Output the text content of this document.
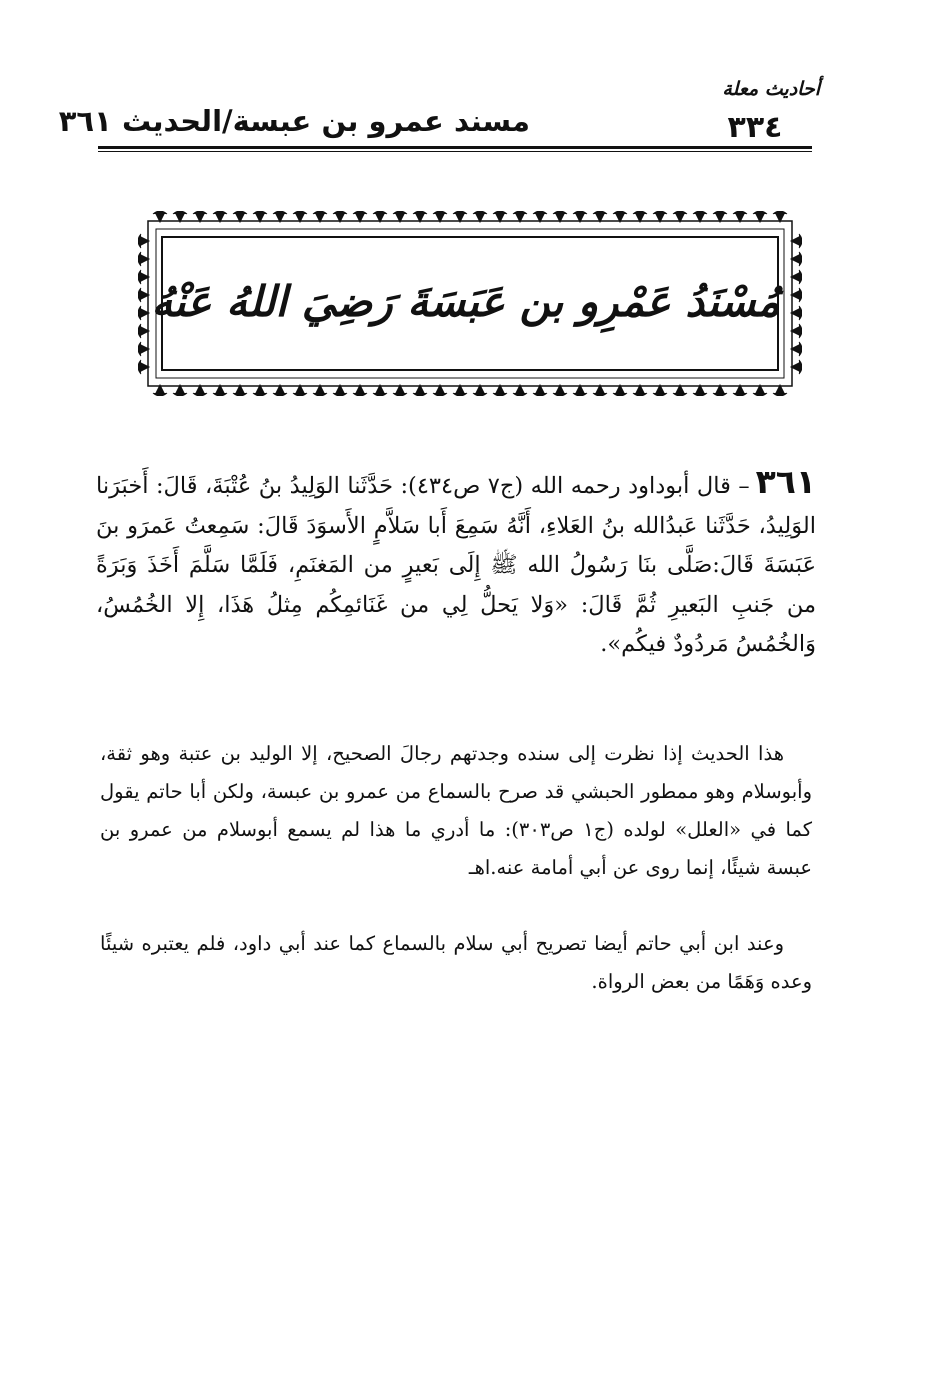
أحاديث معلة
٣٣٤
مسند عمرو بن عبسة/الحديث ٣٦١
مُسْنَدُ عَمْرِو بن عَبَسَةَ رَضِيَ اللهُ عَنْهُ

٣٦١– قال أبوداود رحمه الله (ج٧ ص٤٣٤): حَدَّثَنا الوَلِيدُ بنُ عُتْبَةَ، قَالَ: أَخبَرَنا الوَلِيدُ، حَدَّثَنا عَبدُالله بنُ العَلاءِ، أَنَّهُ سَمِعَ أَبا سَلاَّمٍ الأَسوَدَ قَالَ: سَمِعتُ عَمرَو بنَ عَبَسَةَ قَالَ:صَلَّى بنَا رَسُولُ الله ﷺ إِلَى بَعيرٍ من المَغنَمِ، فَلَمَّا سَلَّمَ أَخَذَ وَبَرَةً من جَنبِ البَعيرِ ثُمَّ قَالَ: «وَلا يَحلُّ لِي من غَنَائمِكُم مِثلُ هَذَا، إِلا الخُمُسُ، وَالخُمُسُ مَردُودٌ فيكُم».

هذا الحديث إذا نظرت إلى سنده وجدتهم رجالَ الصحيح، إلا الوليد بن عتبة وهو ثقة، وأبوسلام وهو ممطور الحبشي قد صرح بالسماع من عمرو بن عبسة، ولكن أبا حاتم يقول كما في «العلل» لولده (ج١ ص٣٠٣): ما أدري ما هذا لم يسمع أبوسلام من عمرو بن عبسة شيئًا، إنما روى عن أبي أمامة عنه.اهـ

وعند ابن أبي حاتم أيضا تصريح أبي سلام بالسماع كما عند أبي داود، فلم يعتبره شيئًا وعده وَهَمًا من بعض الرواة.
